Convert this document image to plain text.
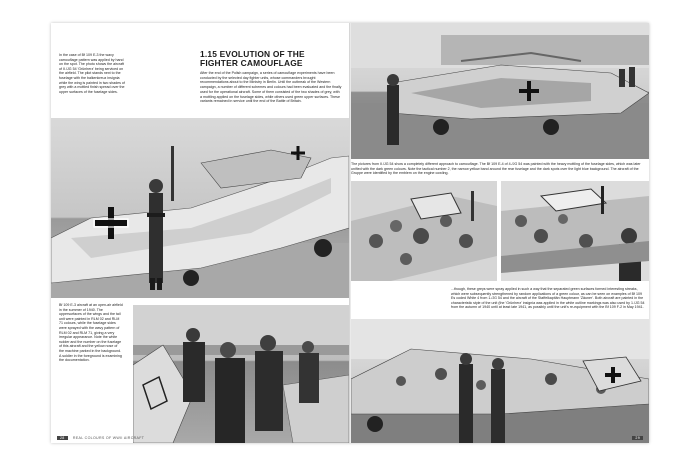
In the case of Bf 109 E-3 the wavy camouflage pattern was applied by hand on the spot. The photo shows the aircraft of II./JG 54 'Grünherz' being serviced on the airfield. The pilot stands next to the fuselage with the balkenkreuz insignia while the wing is painted in two shades of grey with a mottled finish spread over the upper surfaces of the fuselage sides.
1.15 EVOLUTION OF THE FIGHTER CAMOUFLAGE
After the end of the Polish campaign, a series of camouflage experiments have been conducted by the selected day fighter units, whose commanders brought recommendations about to the Ministry in Berlin. Until the outbreak of the Western campaign, a number of different schemes and colours had been evaluated and the finally used for the operational aircraft. Some of them consisted of the two shades of grey, with a mottling applied on the fuselage sides, while others used green upper surfaces. These variants remained in service until the end of the Battle of Britain.
Bf 109 E-3 aircraft at an open-air airfield in the summer of 1940. The uppersurfaces of the wings and the tail unit were painted in RLM 02 and RLM 71 colours, while the fuselage sides were sprayed with the wavy pattern of RLM 02 and RLM 71, giving a very irregular appearance. Note the white rudder and the number on the fuselage of this aircraft and the yellow nose of the machine parked in the background. A soldier in the foreground is examining the documentation.
28 REAL COLOURS OF WWII AIRCRAFT
The pictures from II./JG 54 show a completely different approach to camouflage. The Bf 109 E-4 of 4./JG 54 was painted with the heavy mottling of the fuselage sides, which was later unified with the dark green colours. Note the tactical number 2, the narrow yellow band around the rear fuselage and the dark spots over the light blue background. The aircraft of the Gruppe were identified by the emblem on the engine cowling.
...though, these greys were spray applied in such a way that the separated green surfaces formed interesting streaks, which were subsequently strengthened by random applications of a green colour, as can be seen on examples of Bf 109 Es coded White 4 from 1./JG 54 and the aircraft of the Staffelkapitän Hauptmann 'Zäuner'. Both aircraft are painted in the characteristic style of the unit (the 'Grünherz' insignia was applied in the white outline markings was also used by 1./JG 54 from the autumn of 1940 until at least late 1941, as possibly until the unit's re-equipment with the Bf 109 F-2 in May 1941.
29
